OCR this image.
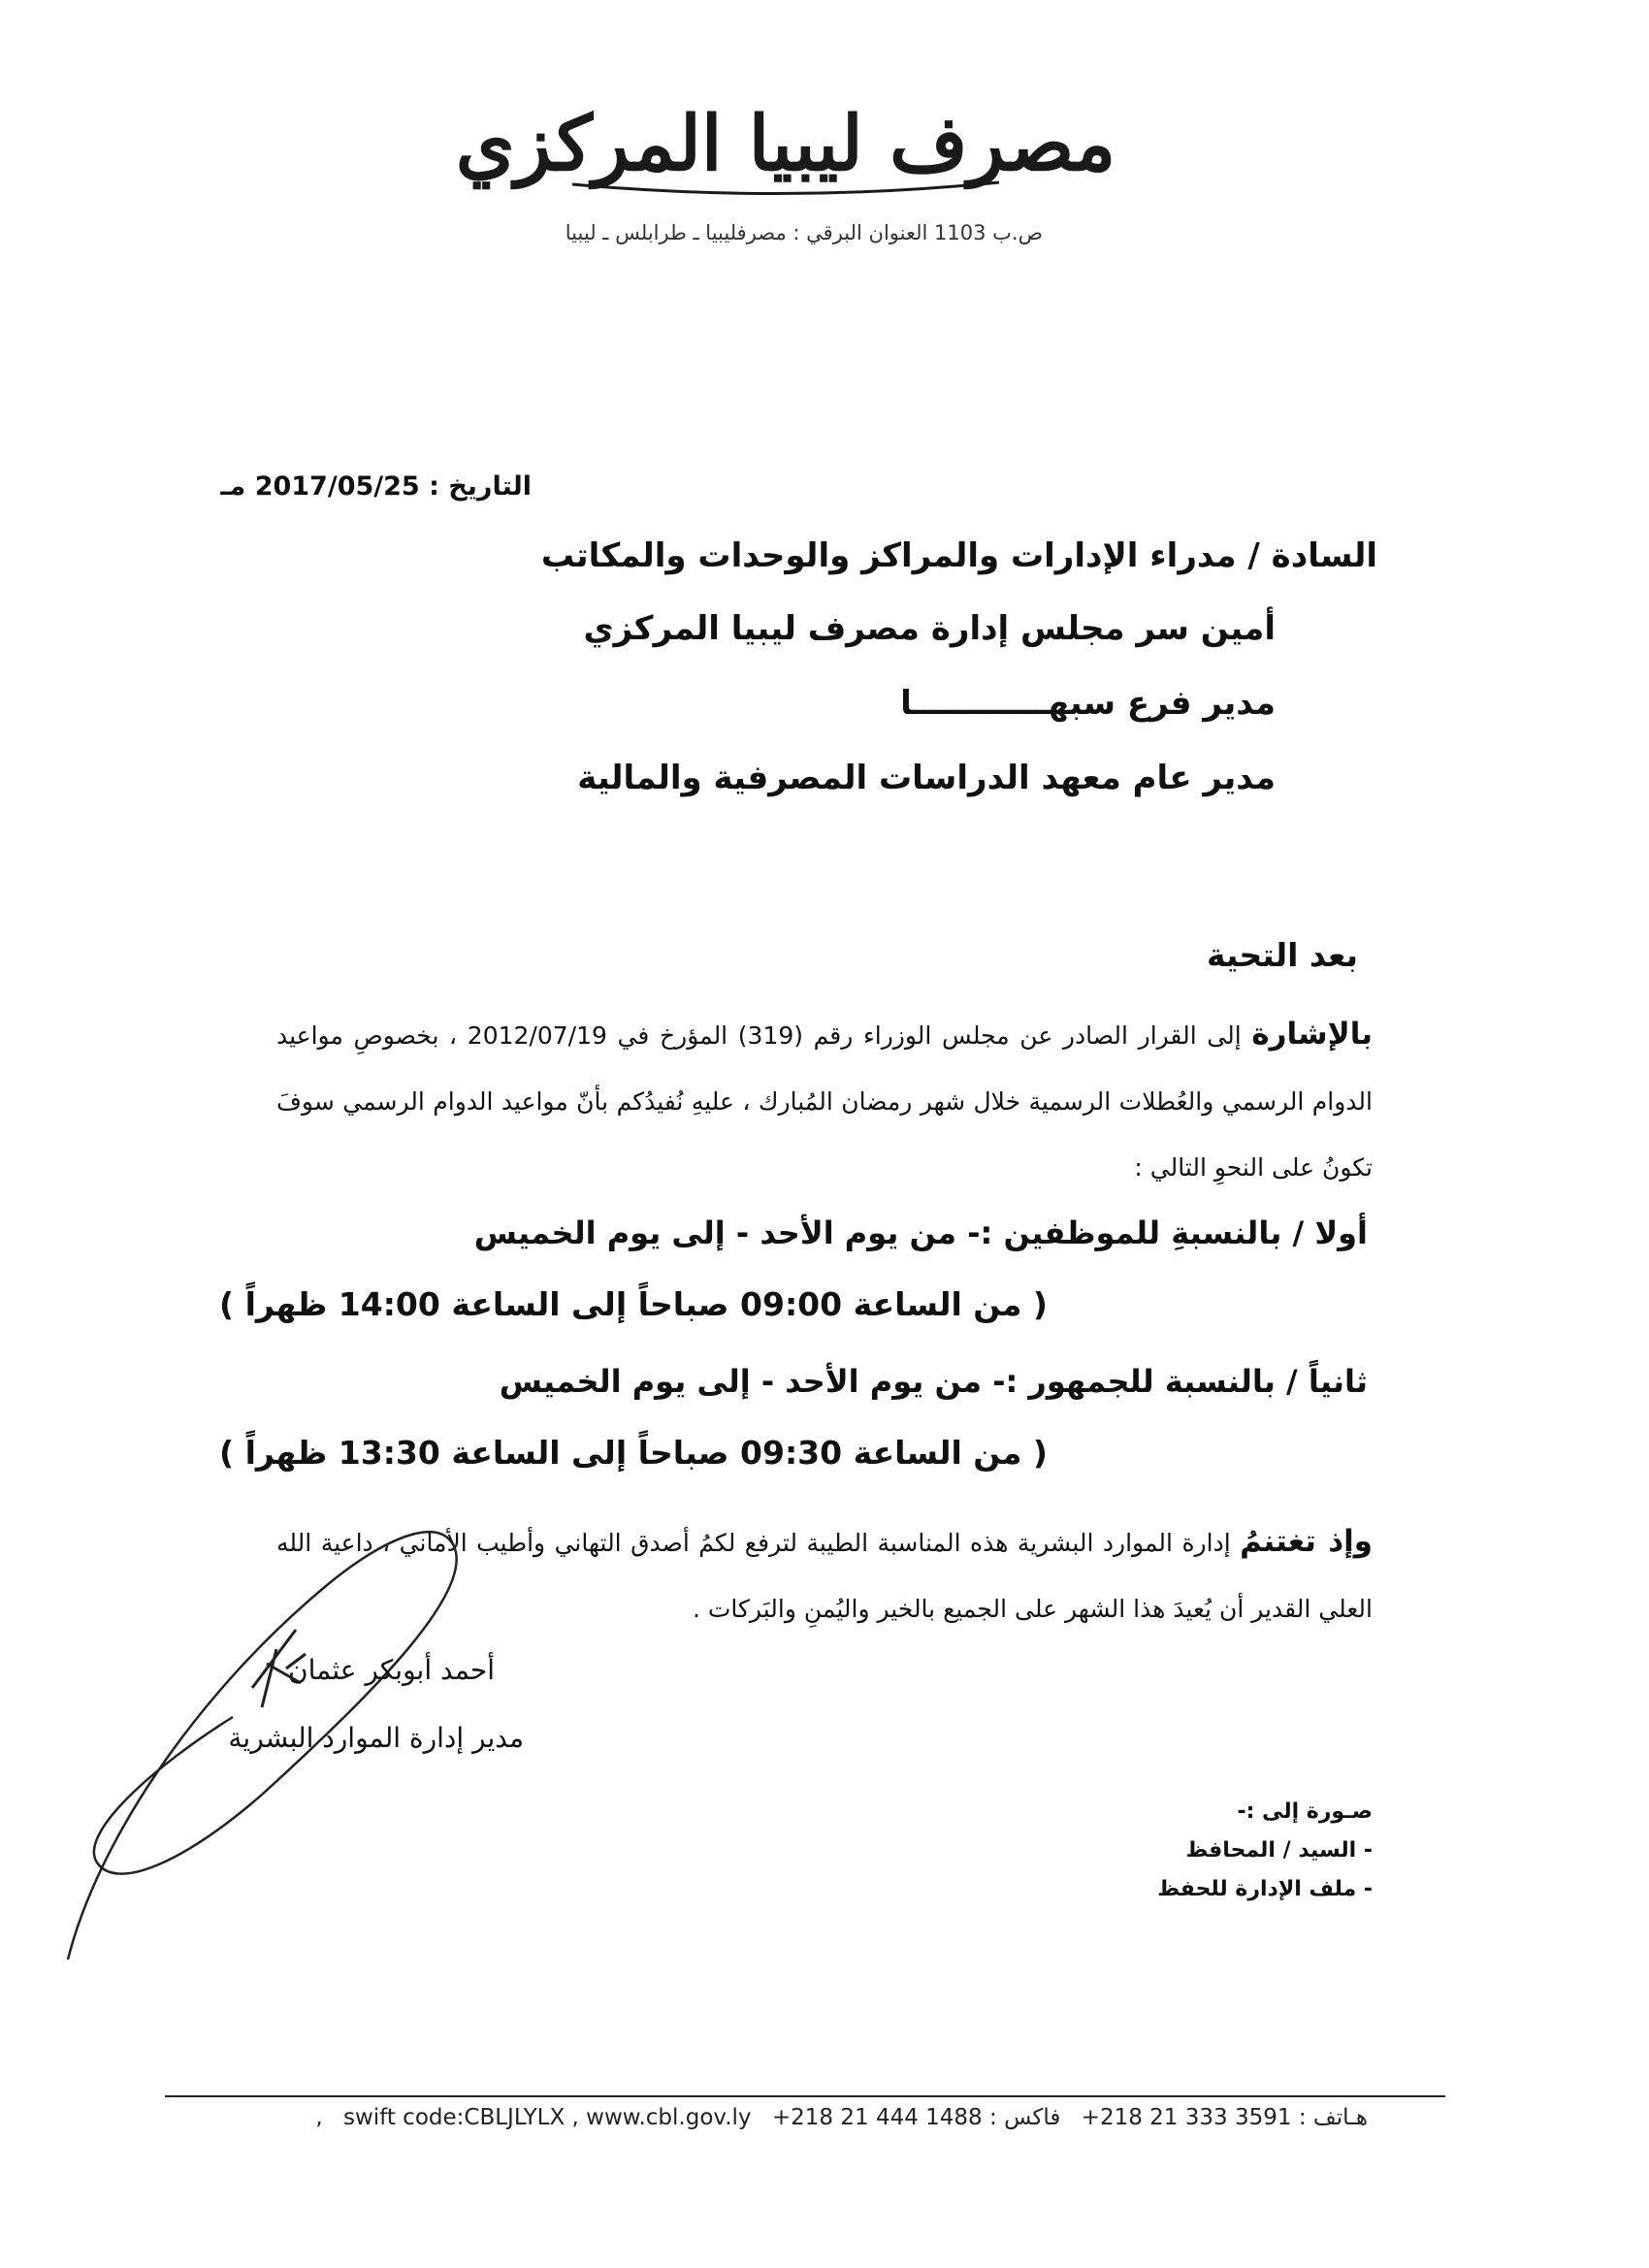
مصرف ليبيا المركزي
ص.ب 1103 العنوان البرقي : مصرفليبيا ـ طرابلس ـ ليبيا
التاريخ : 2017/05/25 مـ
السادة / مدراء الإدارات والمراكز والوحدات والمكاتب
أمين سر مجلس إدارة مصرف ليبيا المركزي
مدير فرع سبهــــــــــــا
مدير عام معهد الدراسات المصرفية والمالية
بعد التحية
بالإشارة إلى القرار الصادر عن مجلس الوزراء رقم (319) المؤرخ في 2012/07/19 ، بخصوصِ مواعيد الدوام الرسمي والعُطلات الرسمية خلال شهر رمضان المُبارك ، عليهِ نُفيدُكم بأنّ مواعيد الدوام الرسمي سوفَ تكونُ على النحوِ التالي :
أولا / بالنسبةِ للموظفين :- من يوم الأحد - إلى يوم الخميس
( من الساعة 09:00 صباحاً إلى الساعة 14:00 ظهراً )
ثانياً / بالنسبة للجمهور :- من يوم الأحد - إلى يوم الخميس
( من الساعة 09:30 صباحاً إلى الساعة 13:30 ظهراً )
وإذ تغتنمُ إدارة الموارد البشرية هذه المناسبة الطيبة لترفع لكمُ أصدق التهاني وأطيب الأماني ، داعية الله العلي القدير أن يُعيدَ هذا الشهر على الجميع بالخير واليُمنِ والبَركات .
أحمد أبوبكر عثمان
مدير إدارة الموارد البشرية
صـورة إلى :-
- السيد / المحافظ
- ملف الإدارة للحفظ
هـاتف : 3591 333 21 218+ فاكس : 1488 444 21 218+ swift code:CBLJLYLX , www.cbl.gov.ly ,
